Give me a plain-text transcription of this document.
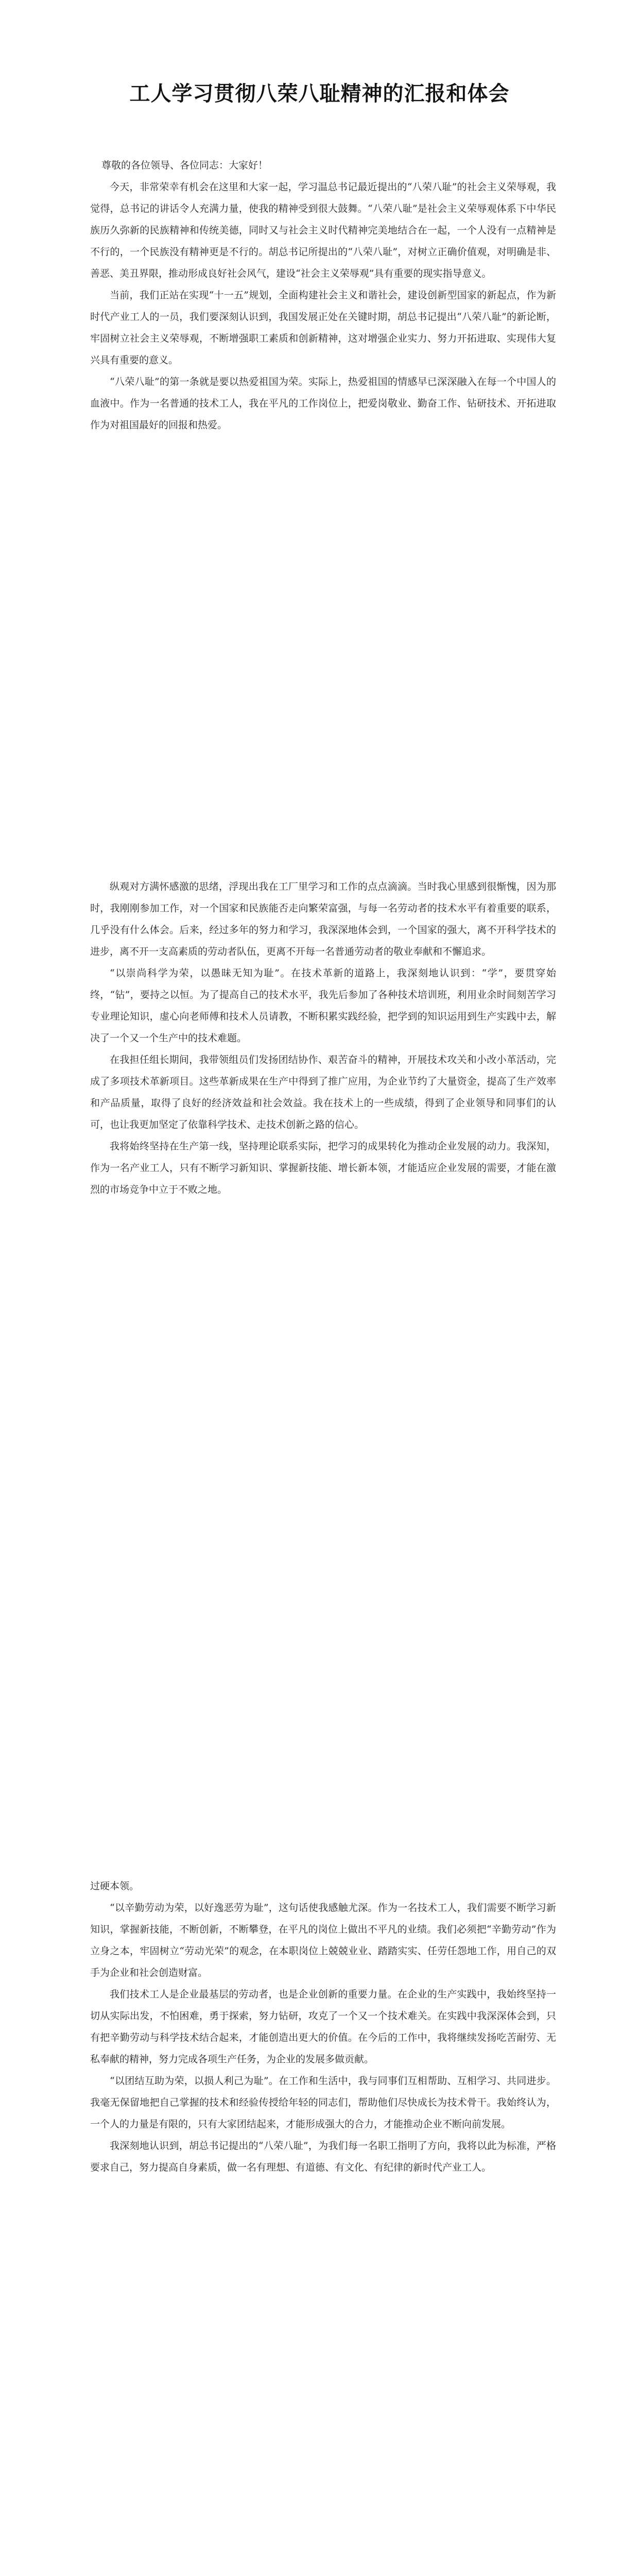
工人学习贯彻八荣八耻精神的汇报和体会

尊敬的各位领导、各位同志：大家好！

今天，非常荣幸有机会在这里和大家一起，学习温总书记最近提出的“八荣八耻”的社会主义荣辱观，我觉得，总书记的讲话令人充满力量，使我的精神受到很大鼓舞。“八荣八耻”是社会主义荣辱观体系下中华民族历久弥新的民族精神和传统美德，同时又与社会主义时代精神完美地结合在一起，一个人没有一点精神是不行的，一个民族没有精神更是不行的。胡总书记所提出的“八荣八耻”，对树立正确价值观，对明确是非、善恶、美丑界限，推动形成良好社会风气，建设“社会主义荣辱观”具有重要的现实指导意义。

当前，我们正站在实现“十一五”规划，全面构建社会主义和谐社会，建设创新型国家的新起点，作为新时代产业工人的一员，我们要深刻认识到，我国发展正处在关键时期，胡总书记提出“八荣八耻”的新论断，牢固树立社会主义荣辱观，不断增强职工素质和创新精神，这对增强企业实力、努力开拓进取、实现伟大复兴具有重要的意义。

“八荣八耻”的第一条就是要以热爱祖国为荣。实际上，热爱祖国的情感早已深深融入在每一个中国人的血液中。作为一名普通的技术工人，我在平凡的工作岗位上，把爱岗敬业、勤奋工作、钻研技术、开拓进取作为对祖国最好的回报和热爱。

纵观对方满怀感激的思绪，浮现出我在工厂里学习和工作的点点滴滴。当时我心里感到很惭愧，因为那时，我刚刚参加工作，对一个国家和民族能否走向繁荣富强，与每一名劳动者的技术水平有着重要的联系，几乎没有什么体会。后来，经过多年的努力和学习，我深深地体会到，一个国家的强大，离不开科学技术的进步，离不开一支高素质的劳动者队伍，更离不开每一名普通劳动者的敬业奉献和不懈追求。

“以崇尚科学为荣，以愚昧无知为耻”。在技术革新的道路上，我深刻地认识到：“学”，要贯穿始终，“钻”，要持之以恒。为了提高自己的技术水平，我先后参加了各种技术培训班，利用业余时间刻苦学习专业理论知识，虚心向老师傅和技术人员请教，不断积累实践经验，把学到的知识运用到生产实践中去，解决了一个又一个生产中的技术难题。

在我担任组长期间，我带领组员们发扬团结协作、艰苦奋斗的精神，开展技术攻关和小改小革活动，完成了多项技术革新项目。这些革新成果在生产中得到了推广应用，为企业节约了大量资金，提高了生产效率和产品质量，取得了良好的经济效益和社会效益。我在技术上的一些成绩，得到了企业领导和同事们的认可，也让我更加坚定了依靠科学技术、走技术创新之路的信心。

我将始终坚持在生产第一线，坚持理论联系实际，把学习的成果转化为推动企业发展的动力。我深知，作为一名产业工人，只有不断学习新知识、掌握新技能、增长新本领，才能适应企业发展的需要，才能在激烈的市场竞争中立于不败之地。

过硬本领。

“以辛勤劳动为荣，以好逸恶劳为耻”，这句话使我感触尤深。作为一名技术工人，我们需要不断学习新知识，掌握新技能，不断创新，不断攀登，在平凡的岗位上做出不平凡的业绩。我们必须把“辛勤劳动”作为立身之本，牢固树立“劳动光荣”的观念，在本职岗位上兢兢业业、踏踏实实、任劳任怨地工作，用自己的双手为企业和社会创造财富。

我们技术工人是企业最基层的劳动者，也是企业创新的重要力量。在企业的生产实践中，我始终坚持一切从实际出发，不怕困难，勇于探索，努力钻研，攻克了一个又一个技术难关。在实践中我深深体会到，只有把辛勤劳动与科学技术结合起来，才能创造出更大的价值。在今后的工作中，我将继续发扬吃苦耐劳、无私奉献的精神，努力完成各项生产任务，为企业的发展多做贡献。

“以团结互助为荣，以损人利己为耻”。在工作和生活中，我与同事们互相帮助、互相学习、共同进步。我毫无保留地把自己掌握的技术和经验传授给年轻的同志们，帮助他们尽快成长为技术骨干。我始终认为，一个人的力量是有限的，只有大家团结起来，才能形成强大的合力，才能推动企业不断向前发展。

我深刻地认识到，胡总书记提出的“八荣八耻”，为我们每一名职工指明了方向，我将以此为标准，严格要求自己，努力提高自身素质，做一名有理想、有道德、有文化、有纪律的新时代产业工人。
